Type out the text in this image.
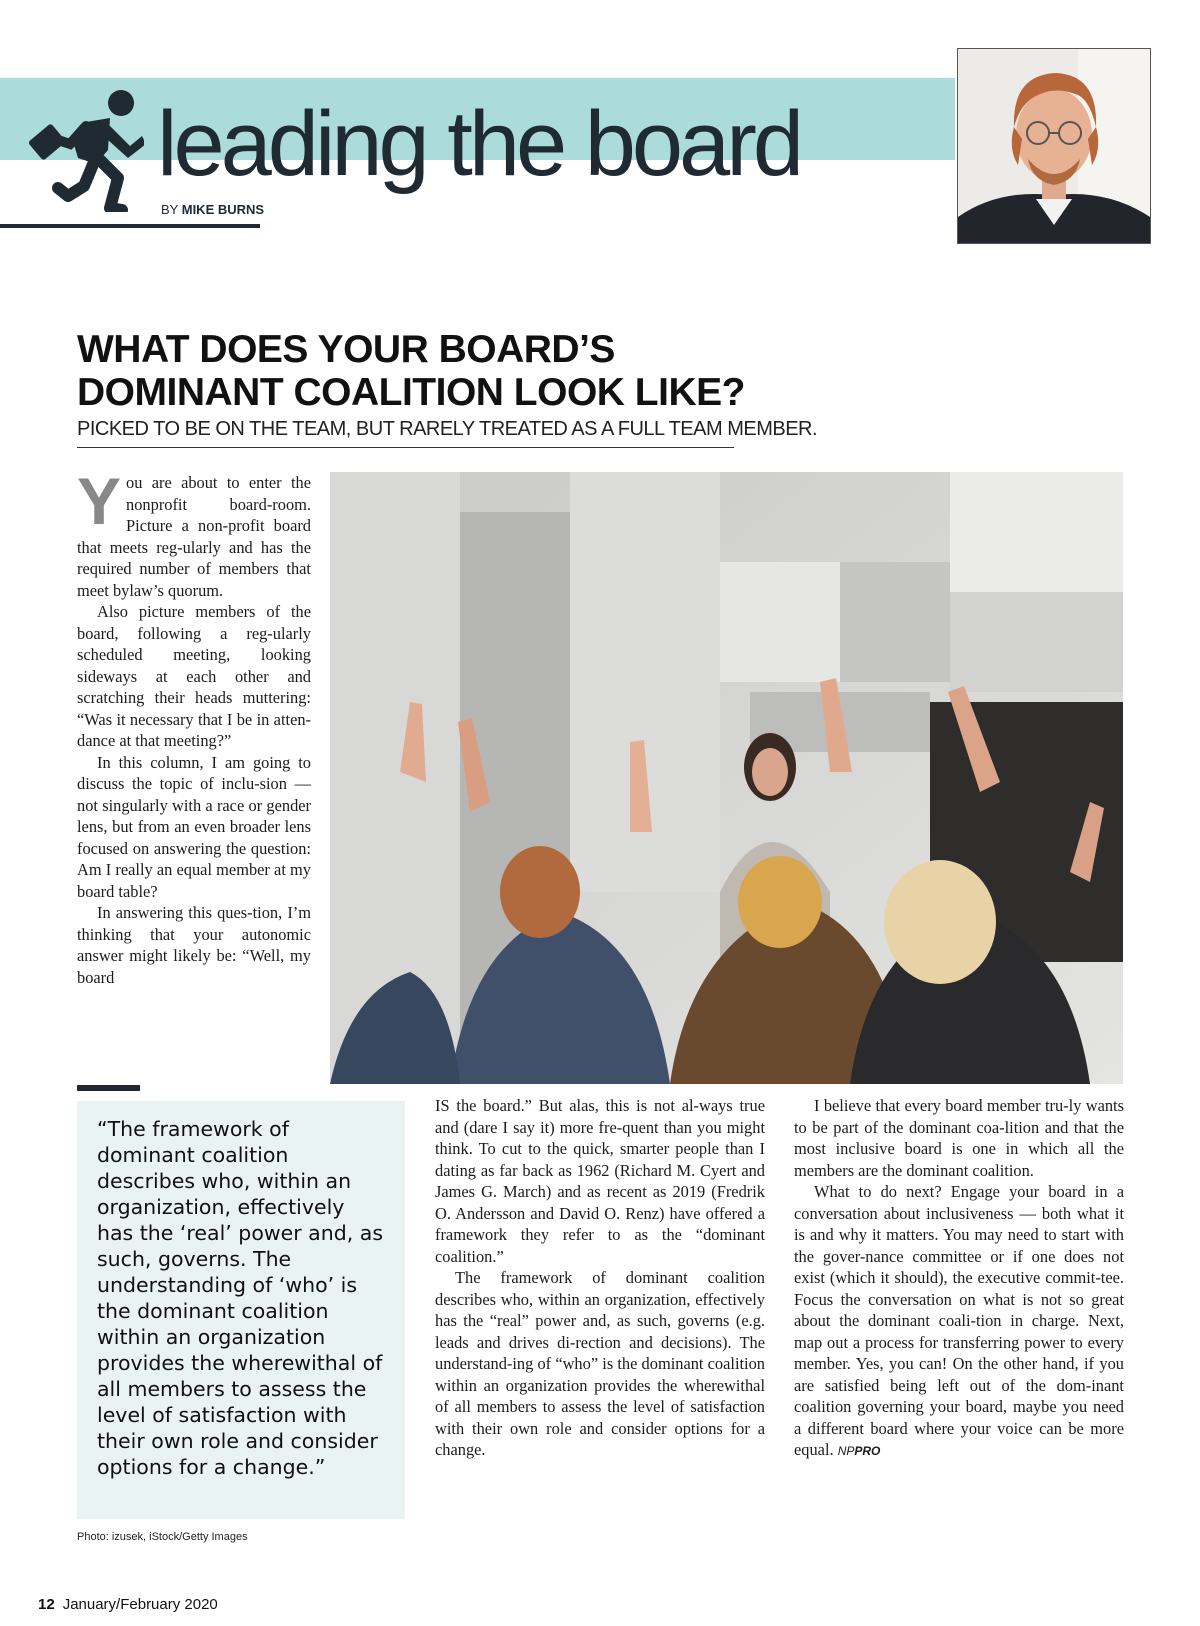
leading the board
BY MIKE BURNS
WHAT DOES YOUR BOARD’S DOMINANT COALITION LOOK LIKE?
PICKED TO BE ON THE TEAM, BUT RARELY TREATED AS A FULL TEAM MEMBER.

You are about to enter the nonprofit board-room. Picture a non-profit board that meets reg-ularly and has the required number of members that meet bylaw’s quorum.

Also picture members of the board, following a reg-ularly scheduled meeting, looking sideways at each other and scratching their heads muttering: “Was it necessary that I be in atten-dance at that meeting?”

In this column, I am going to discuss the topic of inclu-sion — not singularly with a race or gender lens, but from an even broader lens focused on answering the question: Am I really an equal member at my board table?

In answering this ques-tion, I’m thinking that your autonomic answer might likely be: “Well, my board

“The framework of dominant coalition describes who, within an organization, effectively has the ‘real’ power and, as such, governs. The understanding of ‘who’ is the dominant coalition within an organization provides the wherewithal of all members to assess the level of satisfaction with their own role and consider options for a change.”

IS the board.” But alas, this is not al-ways true and (dare I say it) more fre-quent than you might think. To cut to the quick, smarter people than I dating as far back as 1962 (Richard M. Cyert and James G. March) and as recent as 2019 (Fredrik O. Andersson and David O. Renz) have offered a framework they refer to as the “dominant coalition.”

The framework of dominant coalition describes who, within an organization, effectively has the “real” power and, as such, governs (e.g. leads and drives di-rection and decisions). The understand-ing of “who” is the dominant coalition within an organization provides the wherewithal of all members to assess the level of satisfaction with their own role and consider options for a change.

I believe that every board member tru-ly wants to be part of the dominant coa-lition and that the most inclusive board is one in which all the members are the dominant coalition.

What to do next? Engage your board in a conversation about inclusiveness — both what it is and why it matters. You may need to start with the gover-nance committee or if one does not exist (which it should), the executive commit-tee. Focus the conversation on what is not so great about the dominant coali-tion in charge. Next, map out a process for transferring power to every member. Yes, you can! On the other hand, if you are satisfied being left out of the dom-inant coalition governing your board, maybe you need a different board where your voice can be more equal. NPPRO

Photo: izusek, iStock/Getty Images
12 January/February 2020
